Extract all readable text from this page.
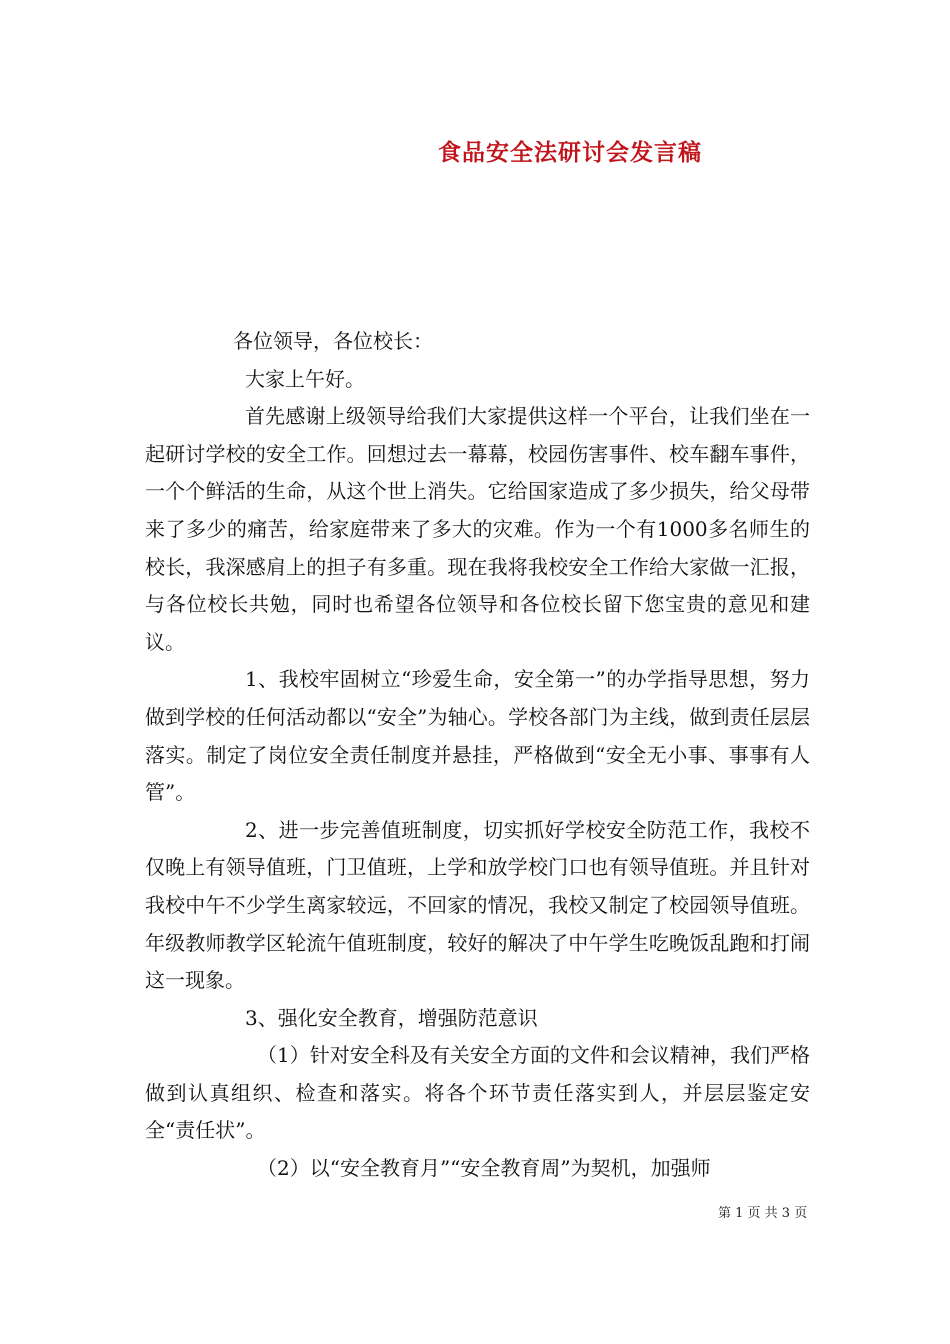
食品安全法研讨会发言稿

各位领导，各位校长：

大家上午好。

首先感谢上级领导给我们大家提供这样一个平台，让我们坐在一起研讨学校的安全工作。回想过去一幕幕，校园伤害事件、校车翻车事件，一个个鲜活的生命，从这个世上消失。它给国家造成了多少损失，给父母带来了多少的痛苦，给家庭带来了多大的灾难。作为一个有1000多名师生的校长，我深感肩上的担子有多重。现在我将我校安全工作给大家做一汇报，与各位校长共勉，同时也希望各位领导和各位校长留下您宝贵的意见和建议。

1、我校牢固树立“珍爱生命，安全第一”的办学指导思想，努力做到学校的任何活动都以“安全”为轴心。学校各部门为主线，做到责任层层落实。制定了岗位安全责任制度并悬挂，严格做到“安全无小事、事事有人管”。

2、进一步完善值班制度，切实抓好学校安全防范工作，我校不仅晚上有领导值班，门卫值班，上学和放学校门口也有领导值班。并且针对我校中午不少学生离家较远，不回家的情况，我校又制定了校园领导值班。年级教师教学区轮流午值班制度，较好的解决了中午学生吃晚饭乱跑和打闹这一现象。

3、强化安全教育，增强防范意识

（1）针对安全科及有关安全方面的文件和会议精神，我们严格做到认真组织、检查和落实。将各个环节责任落实到人，并层层鉴定安全“责任状”。

（2）以“安全教育月”“安全教育周”为契机，加强师

第 1 页 共 3 页
